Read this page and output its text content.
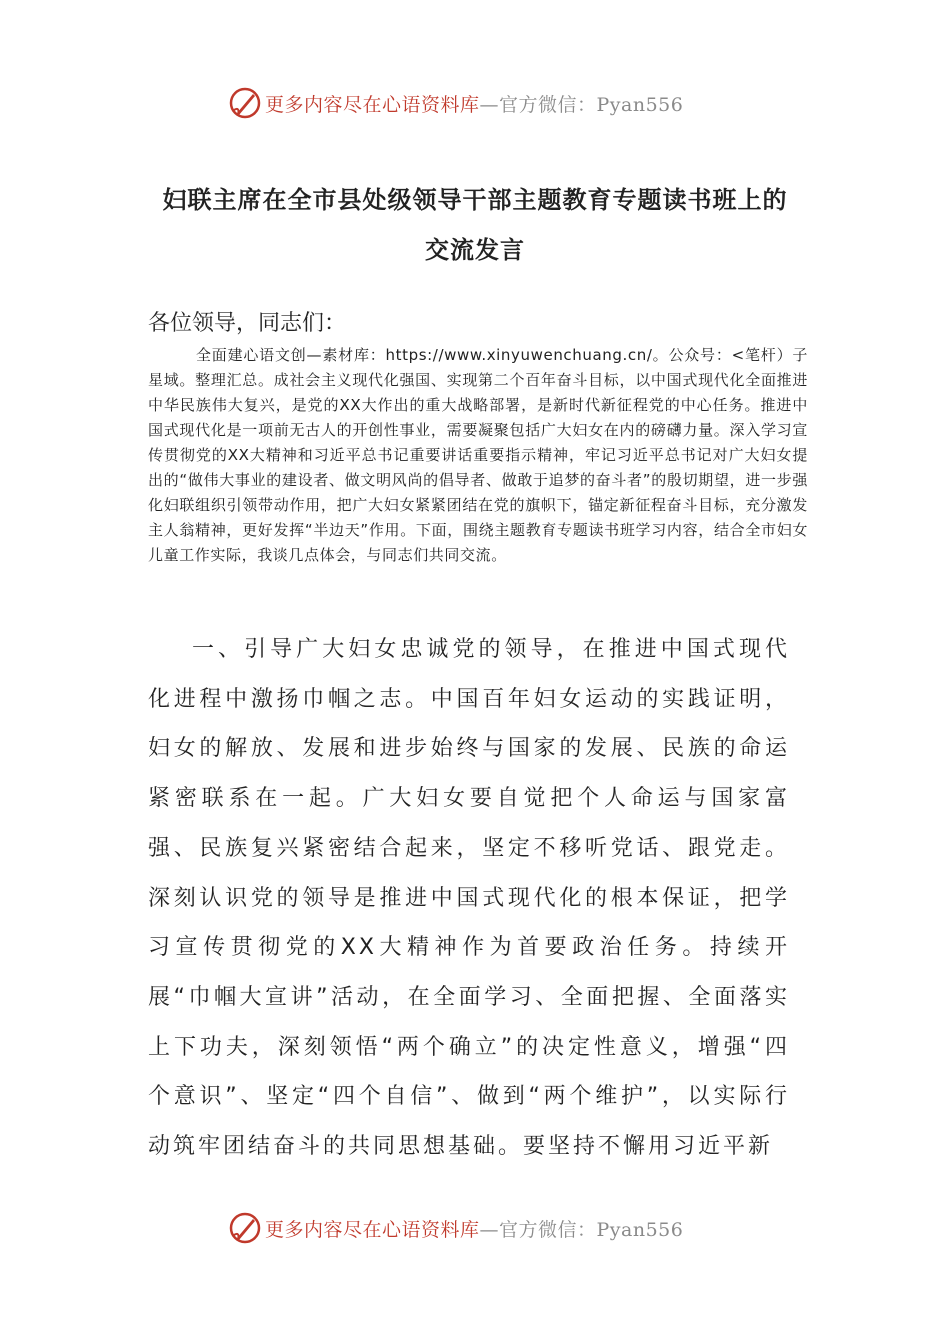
更多内容尽在心语资料库—官方微信：Pyan556
妇联主席在全市县处级领导干部主题教育专题读书班上的
交流发言
各位领导，同志们：
全面建心语文创—素材库：https://www.xinyuwenchuang.cn/。公众号：<笔杆）子星域。整理汇总。成社会主义现代化强国、实现第二个百年奋斗目标，以中国式现代化全面推进中华民族伟大复兴，是党的XX大作出的重大战略部署，是新时代新征程党的中心任务。推进中国式现代化是一项前无古人的开创性事业，需要凝聚包括广大妇女在内的磅礴力量。深入学习宣传贯彻党的XX大精神和习近平总书记重要讲话重要指示精神，牢记习近平总书记对广大妇女提出的“做伟大事业的建设者、做文明风尚的倡导者、做敢于追梦的奋斗者”的殷切期望，进一步强化妇联组织引领带动作用，把广大妇女紧紧团结在党的旗帜下，锚定新征程奋斗目标，充分激发主人翁精神，更好发挥“半边天”作用。下面，围绕主题教育专题读书班学习内容，结合全市妇女儿童工作实际，我谈几点体会，与同志们共同交流。
一、引导广大妇女忠诚党的领导，在推进中国式现代化进程中激扬巾帼之志。中国百年妇女运动的实践证明，妇女的解放、发展和进步始终与国家的发展、民族的命运紧密联系在一起。广大妇女要自觉把个人命运与国家富强、民族复兴紧密结合起来，坚定不移听党话、跟党走。深刻认识党的领导是推进中国式现代化的根本保证，把学习宣传贯彻党的XX大精神作为首要政治任务。持续开展“巾帼大宣讲”活动，在全面学习、全面把握、全面落实上下功夫，深刻领悟“两个确立”的决定性意义，增强“四个意识”、坚定“四个自信”、做到“两个维护”，以实际行动筑牢团结奋斗的共同思想基础。要坚持不懈用习近平新
更多内容尽在心语资料库—官方微信：Pyan556
